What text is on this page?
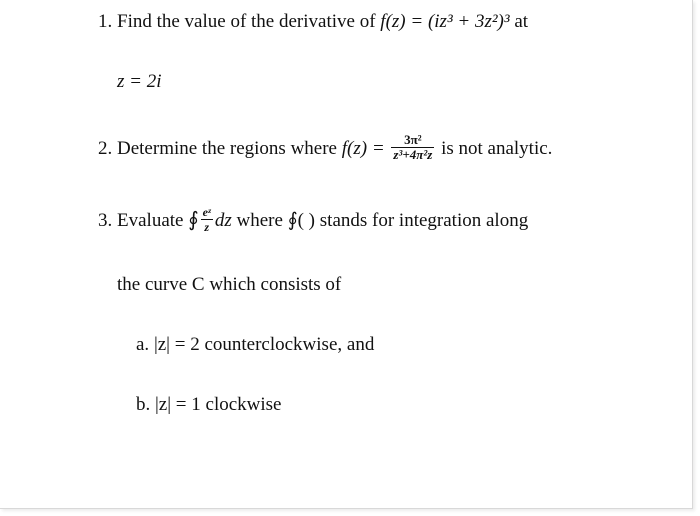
1. Find the value of the derivative of f(z) = (iz³ + 3z²)³ at
z = 2i
2. Determine the regions where $f(z) = \frac{\text{3π²}}{\text{z³+4π²z}}$ is not analytic.
3. Evaluate ∮ $\frac{\text{eᶻ}}{z}$ dz where ∮( ) stands for integration along
the curve C which consists of
a. |z| = 2 counterclockwise, and
b. |z| = 1 clockwise
